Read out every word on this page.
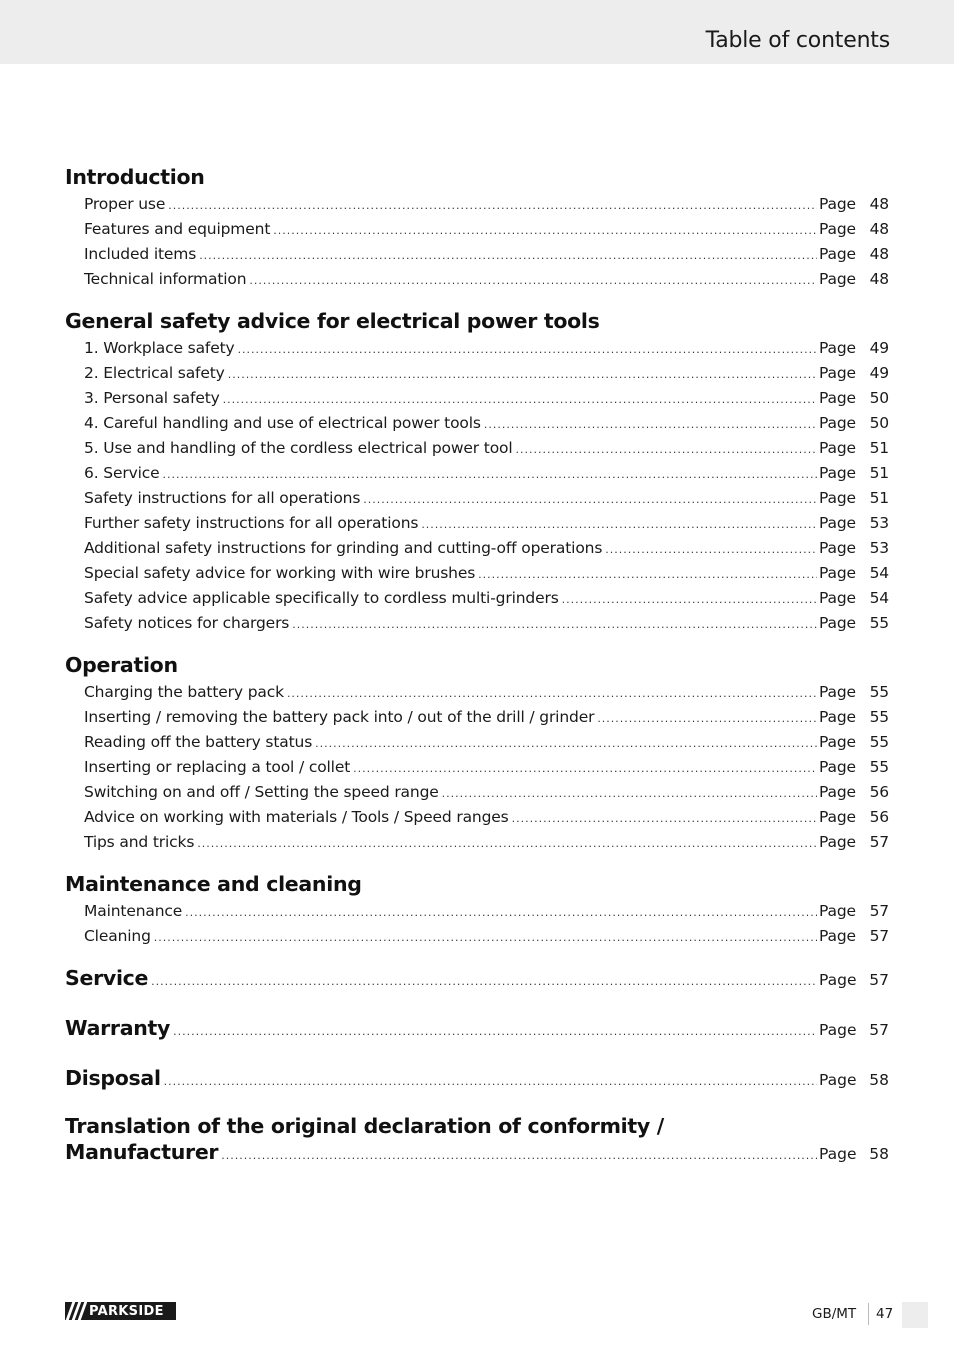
Table of contents
Introduction
Proper use .....	Page 48
Features and equipment .....	Page 48
Included items .....	Page 48
Technical information .....	Page 48
General safety advice for electrical power tools
1. Workplace safety .....	Page 49
2. Electrical safety .....	Page 49
3. Personal safety .....	Page 50
4. Careful handling and use of electrical power tools .....	Page 50
5. Use and handling of the cordless electrical power tool .....	Page 51
6. Service .....	Page 51
Safety instructions for all operations .....	Page 51
Further safety instructions for all operations .....	Page 53
Additional safety instructions for grinding and cutting-off operations .....	Page 53
Special safety advice for working with wire brushes .....	Page 54
Safety advice applicable specifically to cordless multi-grinders .....	Page 54
Safety notices for chargers .....	Page 55
Operation
Charging the battery pack .....	Page 55
Inserting / removing the battery pack into / out of the drill / grinder .....	Page 55
Reading off the battery status .....	Page 55
Inserting or replacing a tool / collet .....	Page 55
Switching on and off / Setting the speed range .....	Page 56
Advice on working with materials / Tools / Speed ranges .....	Page 56
Tips and tricks .....	Page 57
Maintenance and cleaning
Maintenance .....	Page 57
Cleaning .....	Page 57
Service .....	Page 57
Warranty .....	Page 57
Disposal .....	Page 58
Translation of the original declaration of conformity /
Manufacturer .....	Page 58
PARKSIDE	GB/MT 47
